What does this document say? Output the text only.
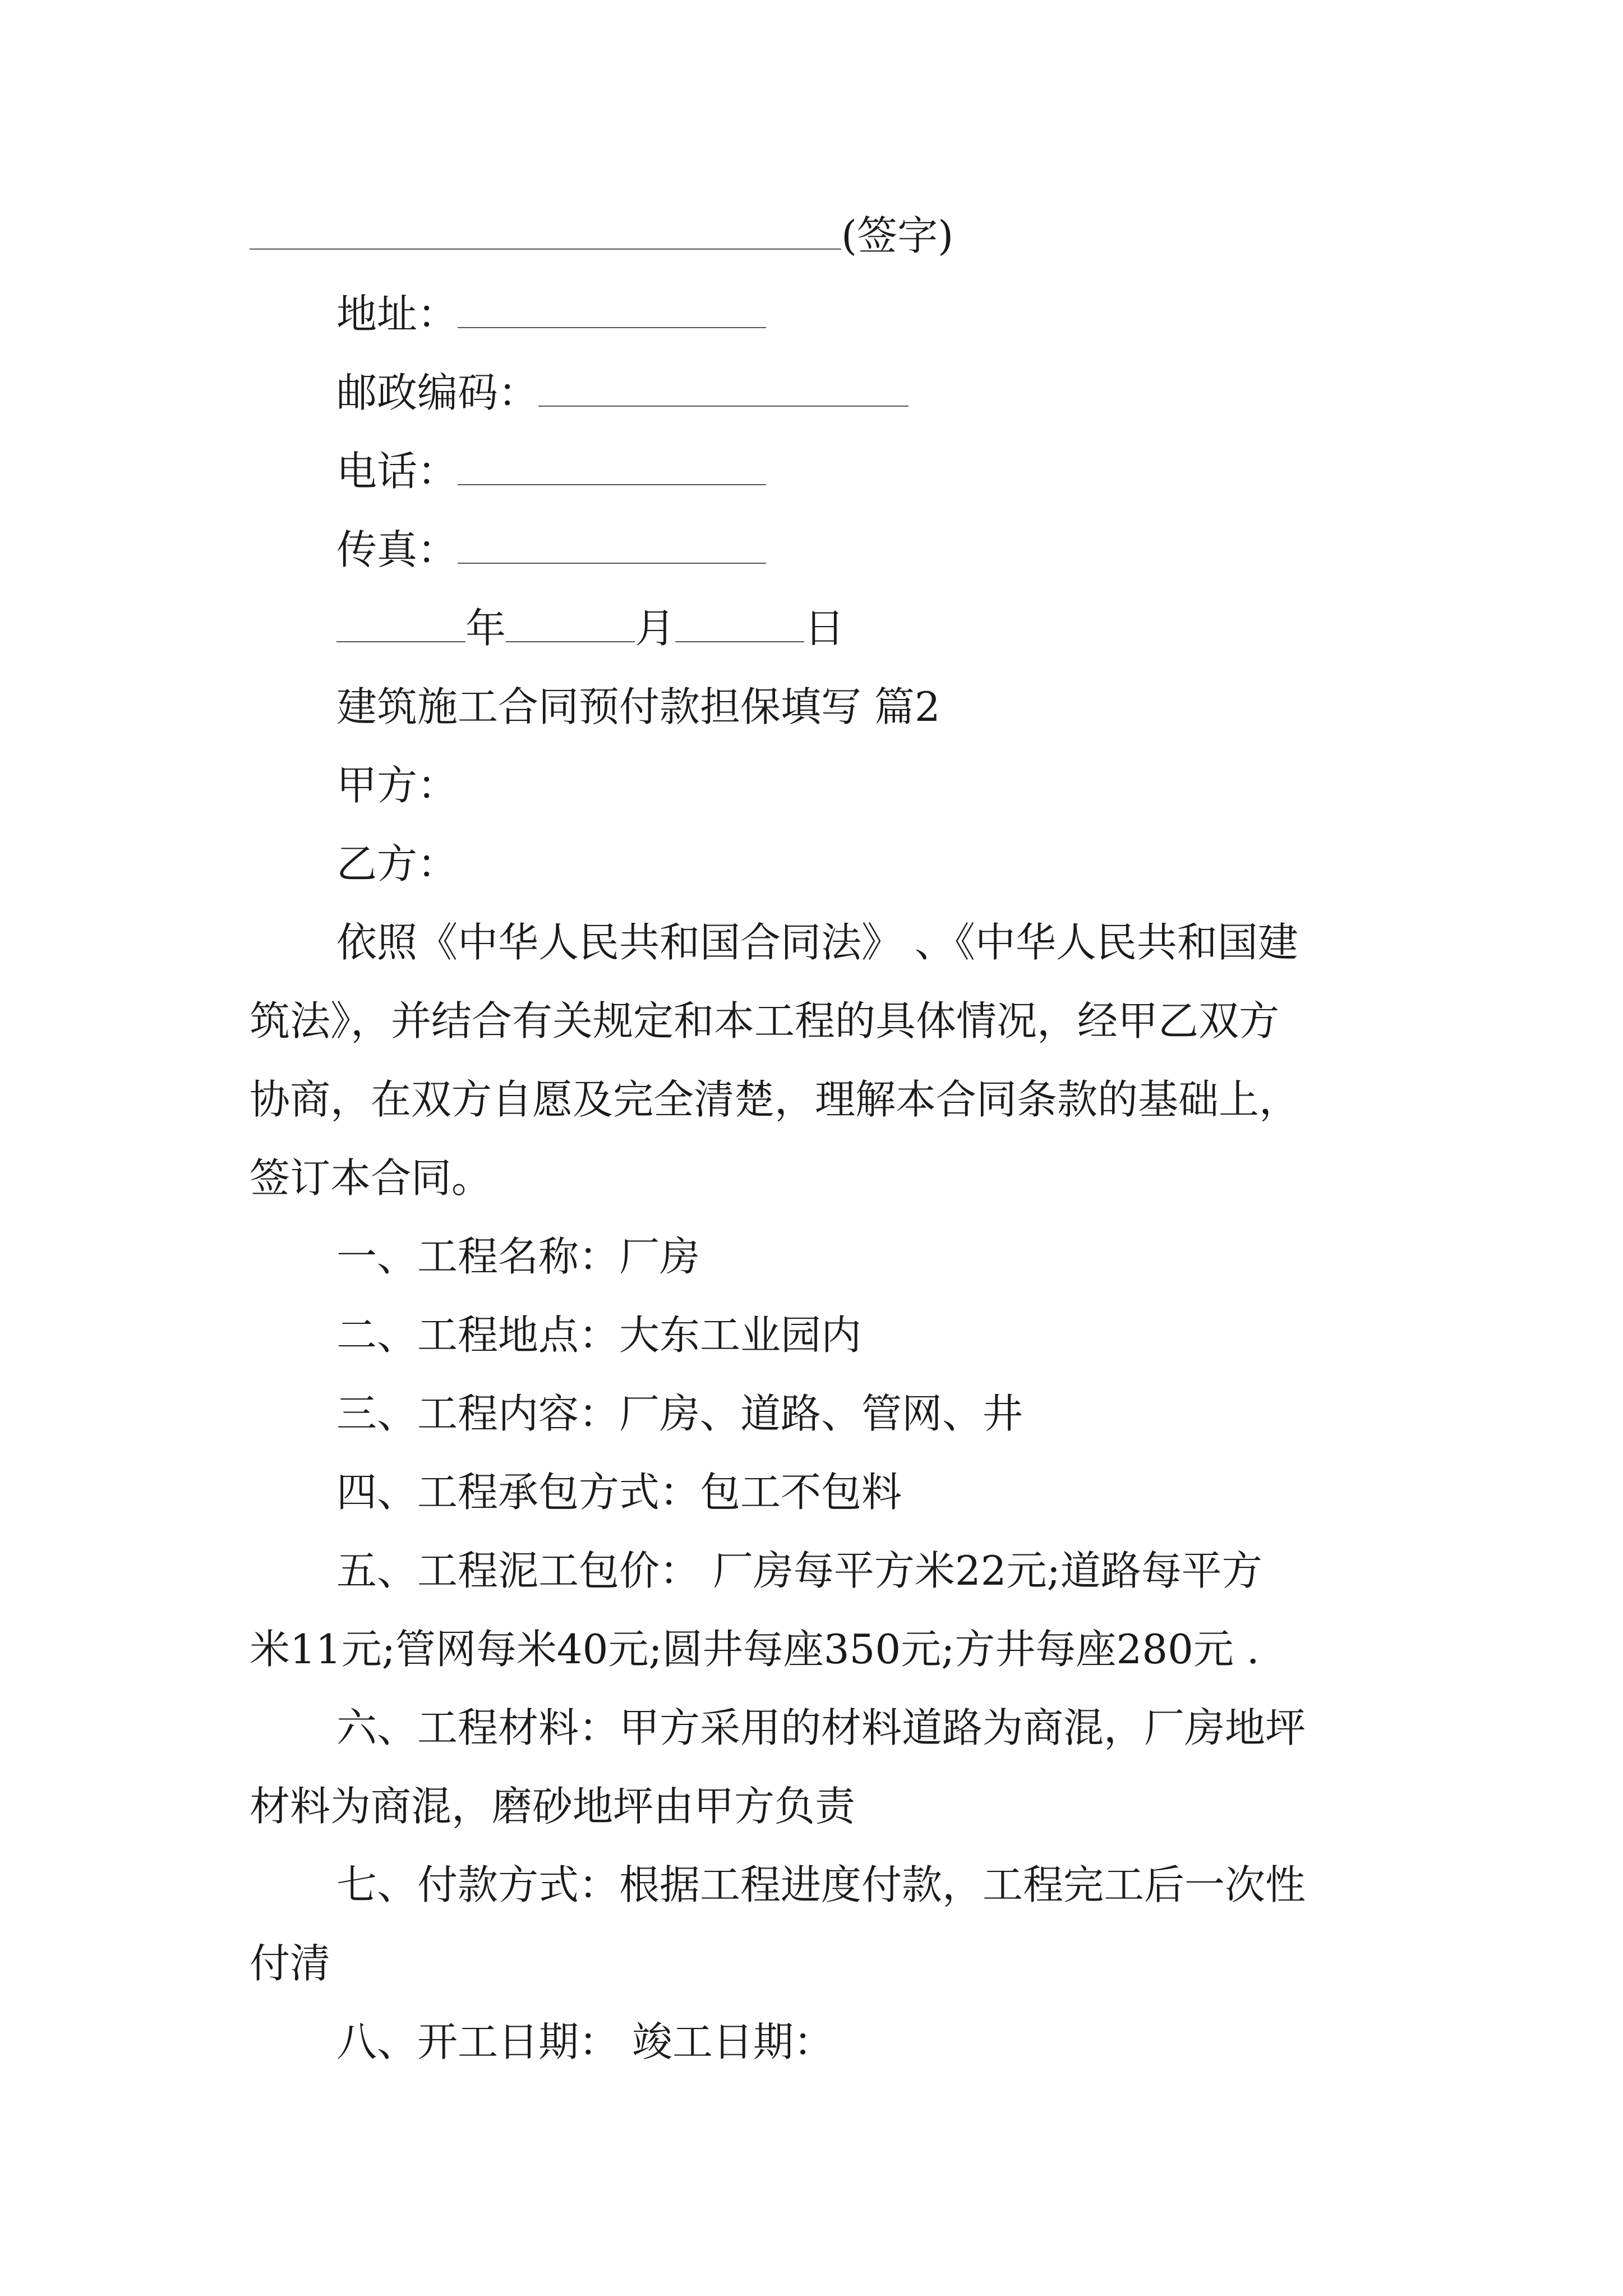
(签字)
地址：
邮政编码：
电话：
传真：
年	月	日
建筑施工合同预付款担保填写 篇2
甲方：
乙方：
依照《中华人民共和国合同法》 、《中华人民共和国建
筑法》，并结合有关规定和本工程的具体情况，经甲乙双方
协商，在双方自愿及完全清楚，理解本合同条款的基础上，
签订本合同。
一、工程名称：厂房
二、工程地点：大东工业园内
三、工程内容：厂房、道路、管网、井
四、工程承包方式：包工不包料
五、工程泥工包价： 厂房每平方米22元;道路每平方
米11元;管网每米40元;圆井每座350元;方井每座280元 .
六、工程材料：甲方采用的材料道路为商混，厂房地坪
材料为商混，磨砂地坪由甲方负责
七、付款方式：根据工程进度付款，工程完工后一次性
付清
八、开工日期： 竣工日期：
